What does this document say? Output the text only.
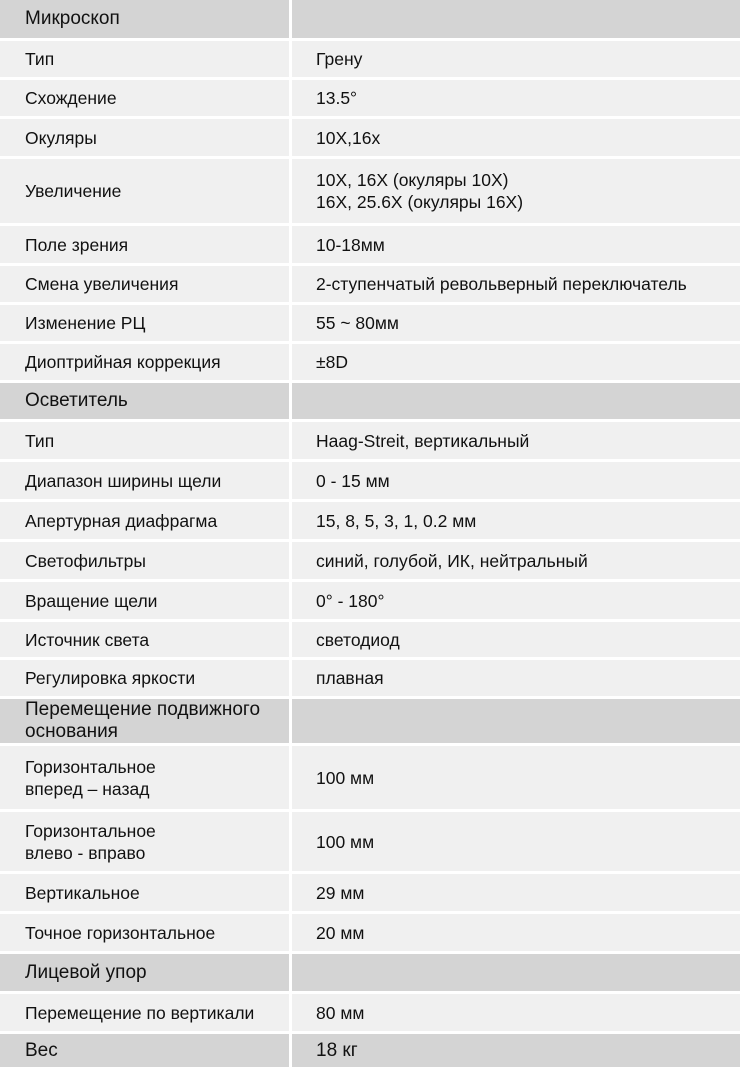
Микроскоп	
Тип	Грену
Схождение	13.5°
Окуляры	10X,16x
Увеличение	10X, 16X (окуляры 10X)
16X, 25.6X (окуляры 16X)
Поле зрения	10-18мм
Смена увеличения	2-ступенчатый револьверный переключатель
Изменение РЦ	55 ~ 80мм
Диоптрийная коррекция	±8D
Осветитель	
Тип	Haag-Streit, вертикальный
Диапазон ширины щели	0 - 15 мм
Апертурная диафрагма	15, 8, 5, 3, 1, 0.2 мм
Светофильтры	синий, голубой, ИК, нейтральный
Вращение щели	0° - 180°
Источник света	светодиод
Регулировка яркости	плавная
Перемещение подвижного основания	
Горизонтальное
вперед – назад	100 мм
Горизонтальное
влево - вправо	100 мм
Вертикальное	29 мм
Точное горизонтальное	20 мм
Лицевой упор	
Перемещение по вертикали	80 мм
Вес	18 кг
